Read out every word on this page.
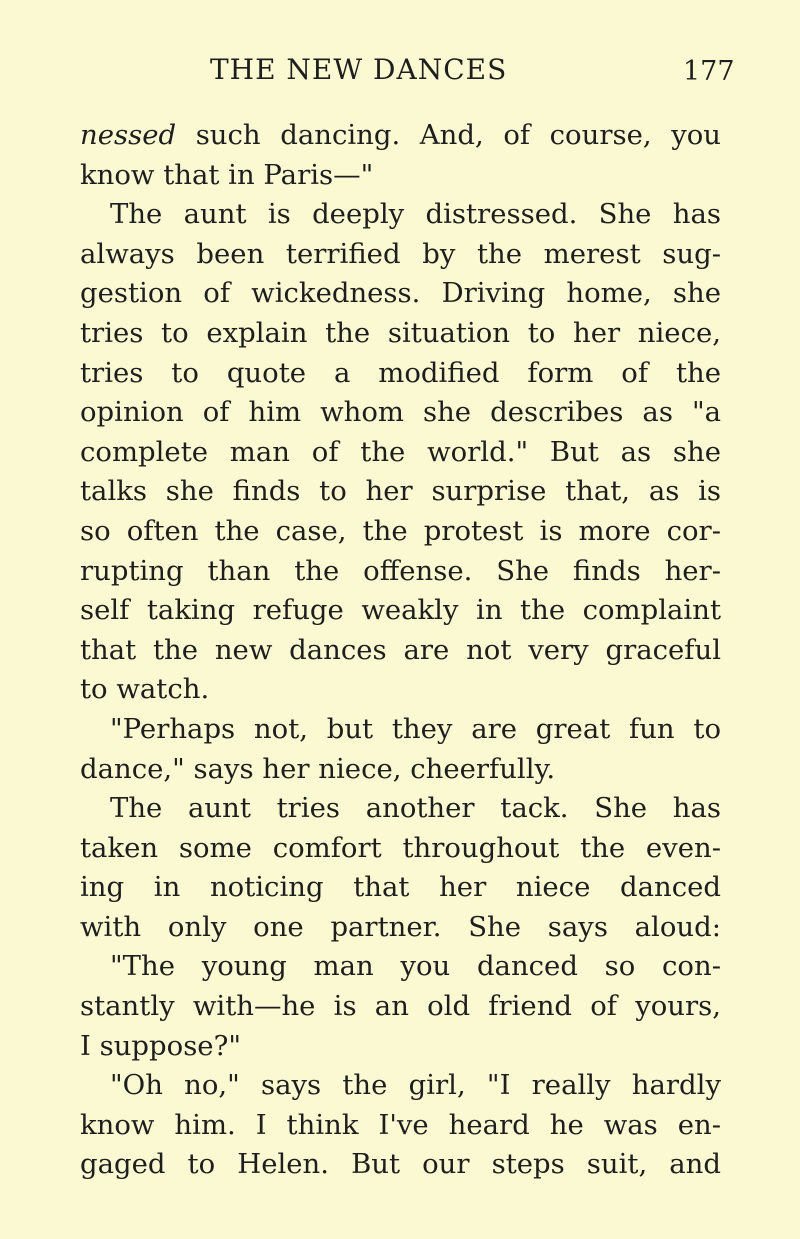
THE NEW DANCES	177
nessed such dancing. And, of course, you
know that in Paris—"
The aunt is deeply distressed. She has
always been terrified by the merest sug-
gestion of wickedness. Driving home, she
tries to explain the situation to her niece,
tries to quote a modified form of the
opinion of him whom she describes as "a
complete man of the world." But as she
talks she finds to her surprise that, as is
so often the case, the protest is more cor-
rupting than the offense. She finds her-
self taking refuge weakly in the complaint
that the new dances are not very graceful
to watch.
"Perhaps not, but they are great fun to
dance," says her niece, cheerfully.
The aunt tries another tack. She has
taken some comfort throughout the even-
ing in noticing that her niece danced
with only one partner. She says aloud:
"The young man you danced so con-
stantly with—he is an old friend of yours,
I suppose?"
"Oh no," says the girl, "I really hardly
know him. I think I've heard he was en-
gaged to Helen. But our steps suit, and
